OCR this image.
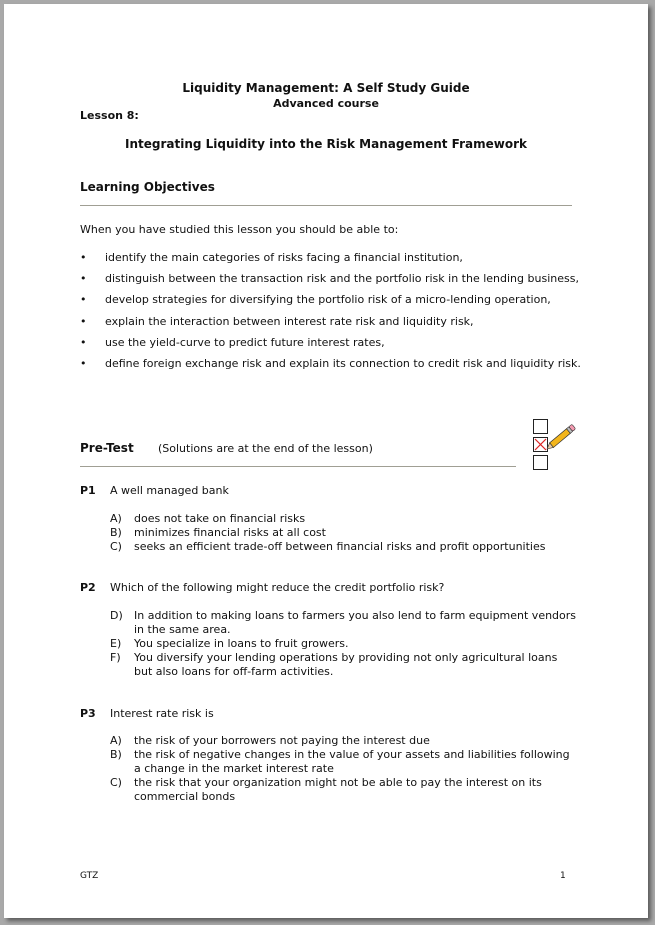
Liquidity Management: A Self Study Guide
Advanced course
Lesson 8:
Integrating Liquidity into the Risk Management Framework
Learning Objectives
When you have studied this lesson you should be able to:
• identify the main categories of risks facing a financial institution,
• distinguish between the transaction risk and the portfolio risk in the lending business,
• develop strategies for diversifying the portfolio risk of a micro-lending operation,
• explain the interaction between interest rate risk and liquidity risk,
• use the yield-curve to predict future interest rates,
• define foreign exchange risk and explain its connection to credit risk and liquidity risk.
Pre-Test (Solutions are at the end of the lesson)
P1 A well managed bank
A) does not take on financial risks
B) minimizes financial risks at all cost
C) seeks an efficient trade-off between financial risks and profit opportunities
P2 Which of the following might reduce the credit portfolio risk?
D) In addition to making loans to farmers you also lend to farm equipment vendors in the same area.
E) You specialize in loans to fruit growers.
F) You diversify your lending operations by providing not only agricultural loans but also loans for off-farm activities.
P3 Interest rate risk is
A) the risk of your borrowers not paying the interest due
B) the risk of negative changes in the value of your assets and liabilities following a change in the market interest rate
C) the risk that your organization might not be able to pay the interest on its commercial bonds
GTZ	1
